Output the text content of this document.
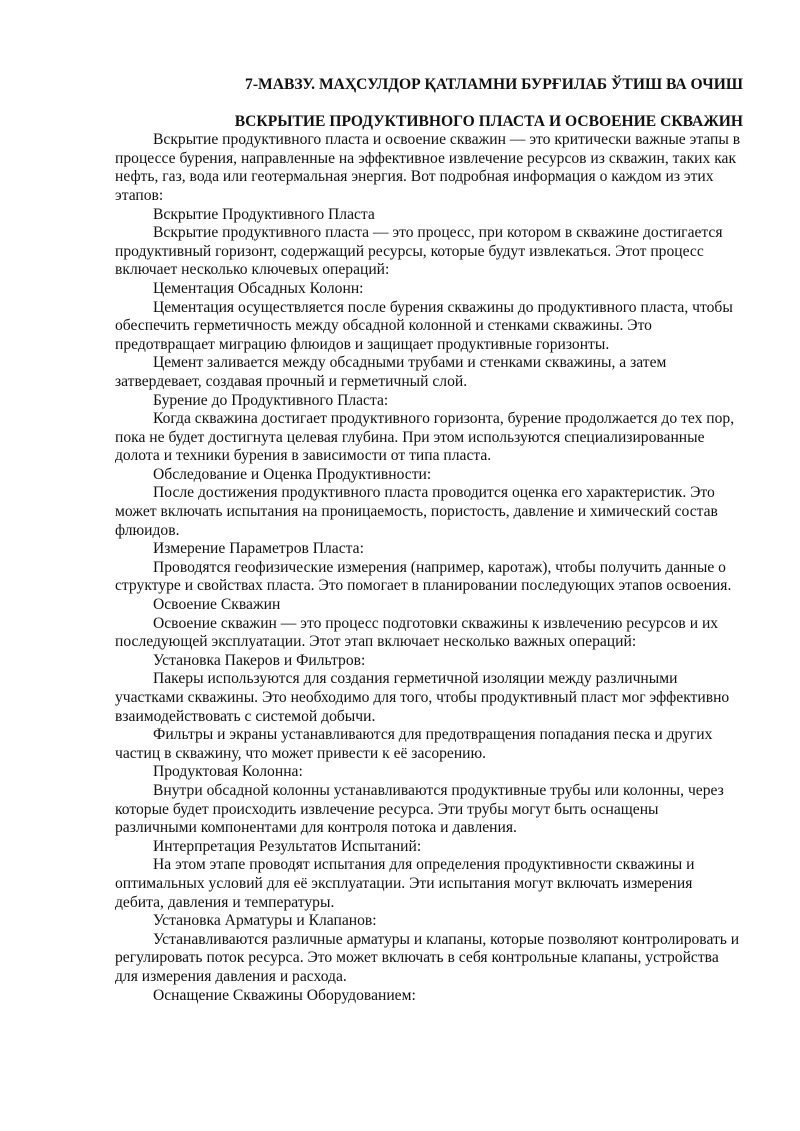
7-МАВЗУ. МАҲСУЛДОР ҚАТЛАМНИ БУРҒИЛАБ ЎТИШ ВА ОЧИШ
ВСКРЫТИЕ ПРОДУКТИВНОГО ПЛАСТА И ОСВОЕНИЕ СКВАЖИН

Вскрытие продуктивного пласта и освоение скважин — это критически важные этапы в процессе бурения, направленные на эффективное извлечение ресурсов из скважин, таких как нефть, газ, вода или геотермальная энергия. Вот подробная информация о каждом из этих этапов:

Вскрытие Продуктивного Пласта

Вскрытие продуктивного пласта — это процесс, при котором в скважине достигается продуктивный горизонт, содержащий ресурсы, которые будут извлекаться. Этот процесс включает несколько ключевых операций:

Цементация Обсадных Колонн:

Цементация осуществляется после бурения скважины до продуктивного пласта, чтобы обеспечить герметичность между обсадной колонной и стенками скважины. Это предотвращает миграцию флюидов и защищает продуктивные горизонты.

Цемент заливается между обсадными трубами и стенками скважины, а затем затвердевает, создавая прочный и герметичный слой.

Бурение до Продуктивного Пласта:

Когда скважина достигает продуктивного горизонта, бурение продолжается до тех пор, пока не будет достигнута целевая глубина. При этом используются специализированные долота и техники бурения в зависимости от типа пласта.

Обследование и Оценка Продуктивности:

После достижения продуктивного пласта проводится оценка его характеристик. Это может включать испытания на проницаемость, пористость, давление и химический состав флюидов.

Измерение Параметров Пласта:

Проводятся геофизические измерения (например, каротаж), чтобы получить данные о структуре и свойствах пласта. Это помогает в планировании последующих этапов освоения.

Освоение Скважин

Освоение скважин — это процесс подготовки скважины к извлечению ресурсов и их последующей эксплуатации. Этот этап включает несколько важных операций:

Установка Пакеров и Фильтров:

Пакеры используются для создания герметичной изоляции между различными участками скважины. Это необходимо для того, чтобы продуктивный пласт мог эффективно взаимодействовать с системой добычи.

Фильтры и экраны устанавливаются для предотвращения попадания песка и других частиц в скважину, что может привести к её засорению.

Продуктовая Колонна:

Внутри обсадной колонны устанавливаются продуктивные трубы или колонны, через которые будет происходить извлечение ресурса. Эти трубы могут быть оснащены различными компонентами для контроля потока и давления.

Интерпретация Результатов Испытаний:

На этом этапе проводят испытания для определения продуктивности скважины и оптимальных условий для её эксплуатации. Эти испытания могут включать измерения дебита, давления и температуры.

Установка Арматуры и Клапанов:

Устанавливаются различные арматуры и клапаны, которые позволяют контролировать и регулировать поток ресурса. Это может включать в себя контрольные клапаны, устройства для измерения давления и расхода.

Оснащение Скважины Оборудованием:
